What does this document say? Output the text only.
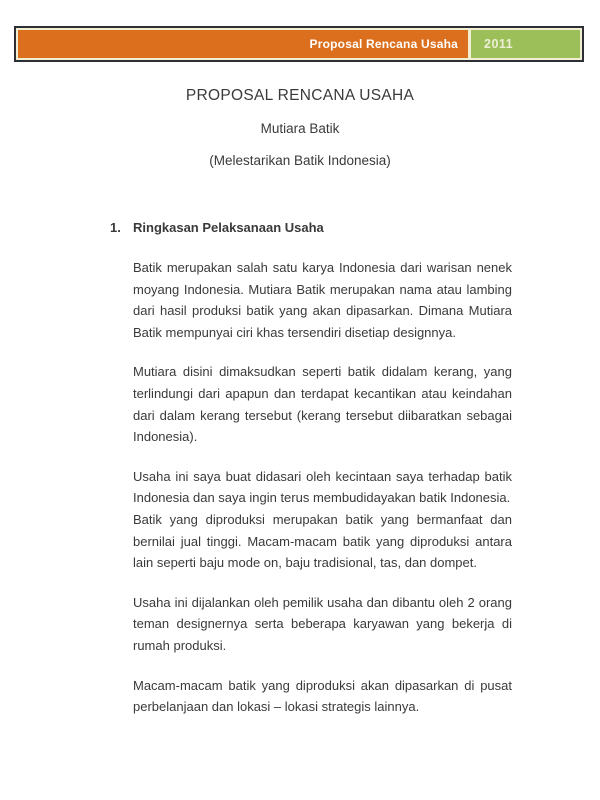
Proposal Rencana Usaha 2011
PROPOSAL RENCANA USAHA
Mutiara Batik
(Melestarikan Batik Indonesia)
1. Ringkasan Pelaksanaan Usaha

Batik merupakan salah satu karya Indonesia dari warisan nenek moyang Indonesia. Mutiara Batik merupakan nama atau lambing dari hasil produksi batik yang akan dipasarkan. Dimana Mutiara Batik mempunyai ciri khas tersendiri disetiap designnya.

Mutiara disini dimaksudkan seperti batik didalam kerang, yang terlindungi dari apapun dan terdapat kecantikan atau keindahan dari dalam kerang tersebut (kerang tersebut diibaratkan sebagai Indonesia).

Usaha ini saya buat didasari oleh kecintaan saya terhadap batik Indonesia dan saya ingin terus membudidayakan batik Indonesia.

Batik yang diproduksi merupakan batik yang bermanfaat dan bernilai jual tinggi. Macam-macam batik yang diproduksi antara lain seperti baju mode on, baju tradisional, tas, dan dompet.

Usaha ini dijalankan oleh pemilik usaha dan dibantu oleh 2 orang teman designernya serta beberapa karyawan yang bekerja di rumah produksi.

Macam-macam batik yang diproduksi akan dipasarkan di pusat perbelanjaan dan lokasi – lokasi strategis lainnya.
